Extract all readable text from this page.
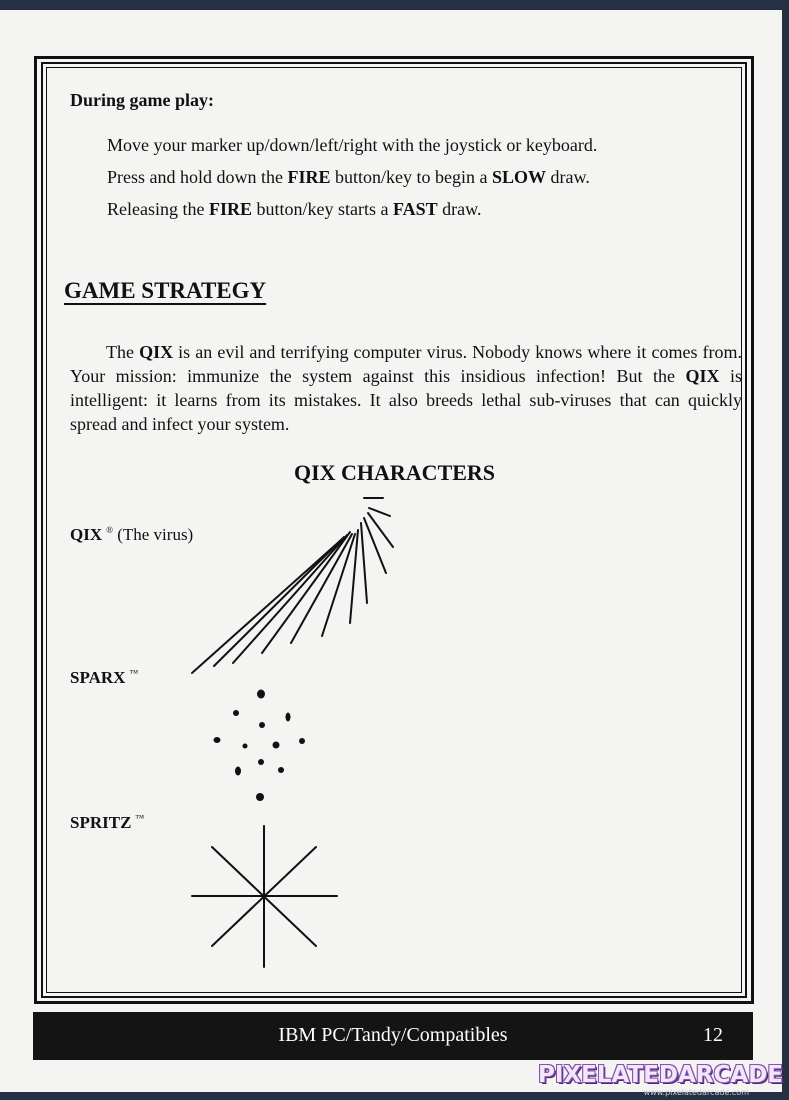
During game play:
Move your marker up/down/left/right with the joystick or keyboard.
Press and hold down the FIRE button/key to begin a SLOW draw.
Releasing the FIRE button/key starts a FAST draw.
GAME STRATEGY
The QIX is an evil and terrifying computer virus. Nobody knows where it comes from. Your mission: immunize the system against this insidious infection! But the QIX is intelligent: it learns from its mistakes. It also breeds lethal sub-viruses that can quickly spread and infect your system.
QIX CHARACTERS
QIX ® (The virus)
SPARX ™
SPRITZ ™
IBM PC/Tandy/Compatibles	12
PIXELATEDARCADE
www.pixelatedarcade.com
